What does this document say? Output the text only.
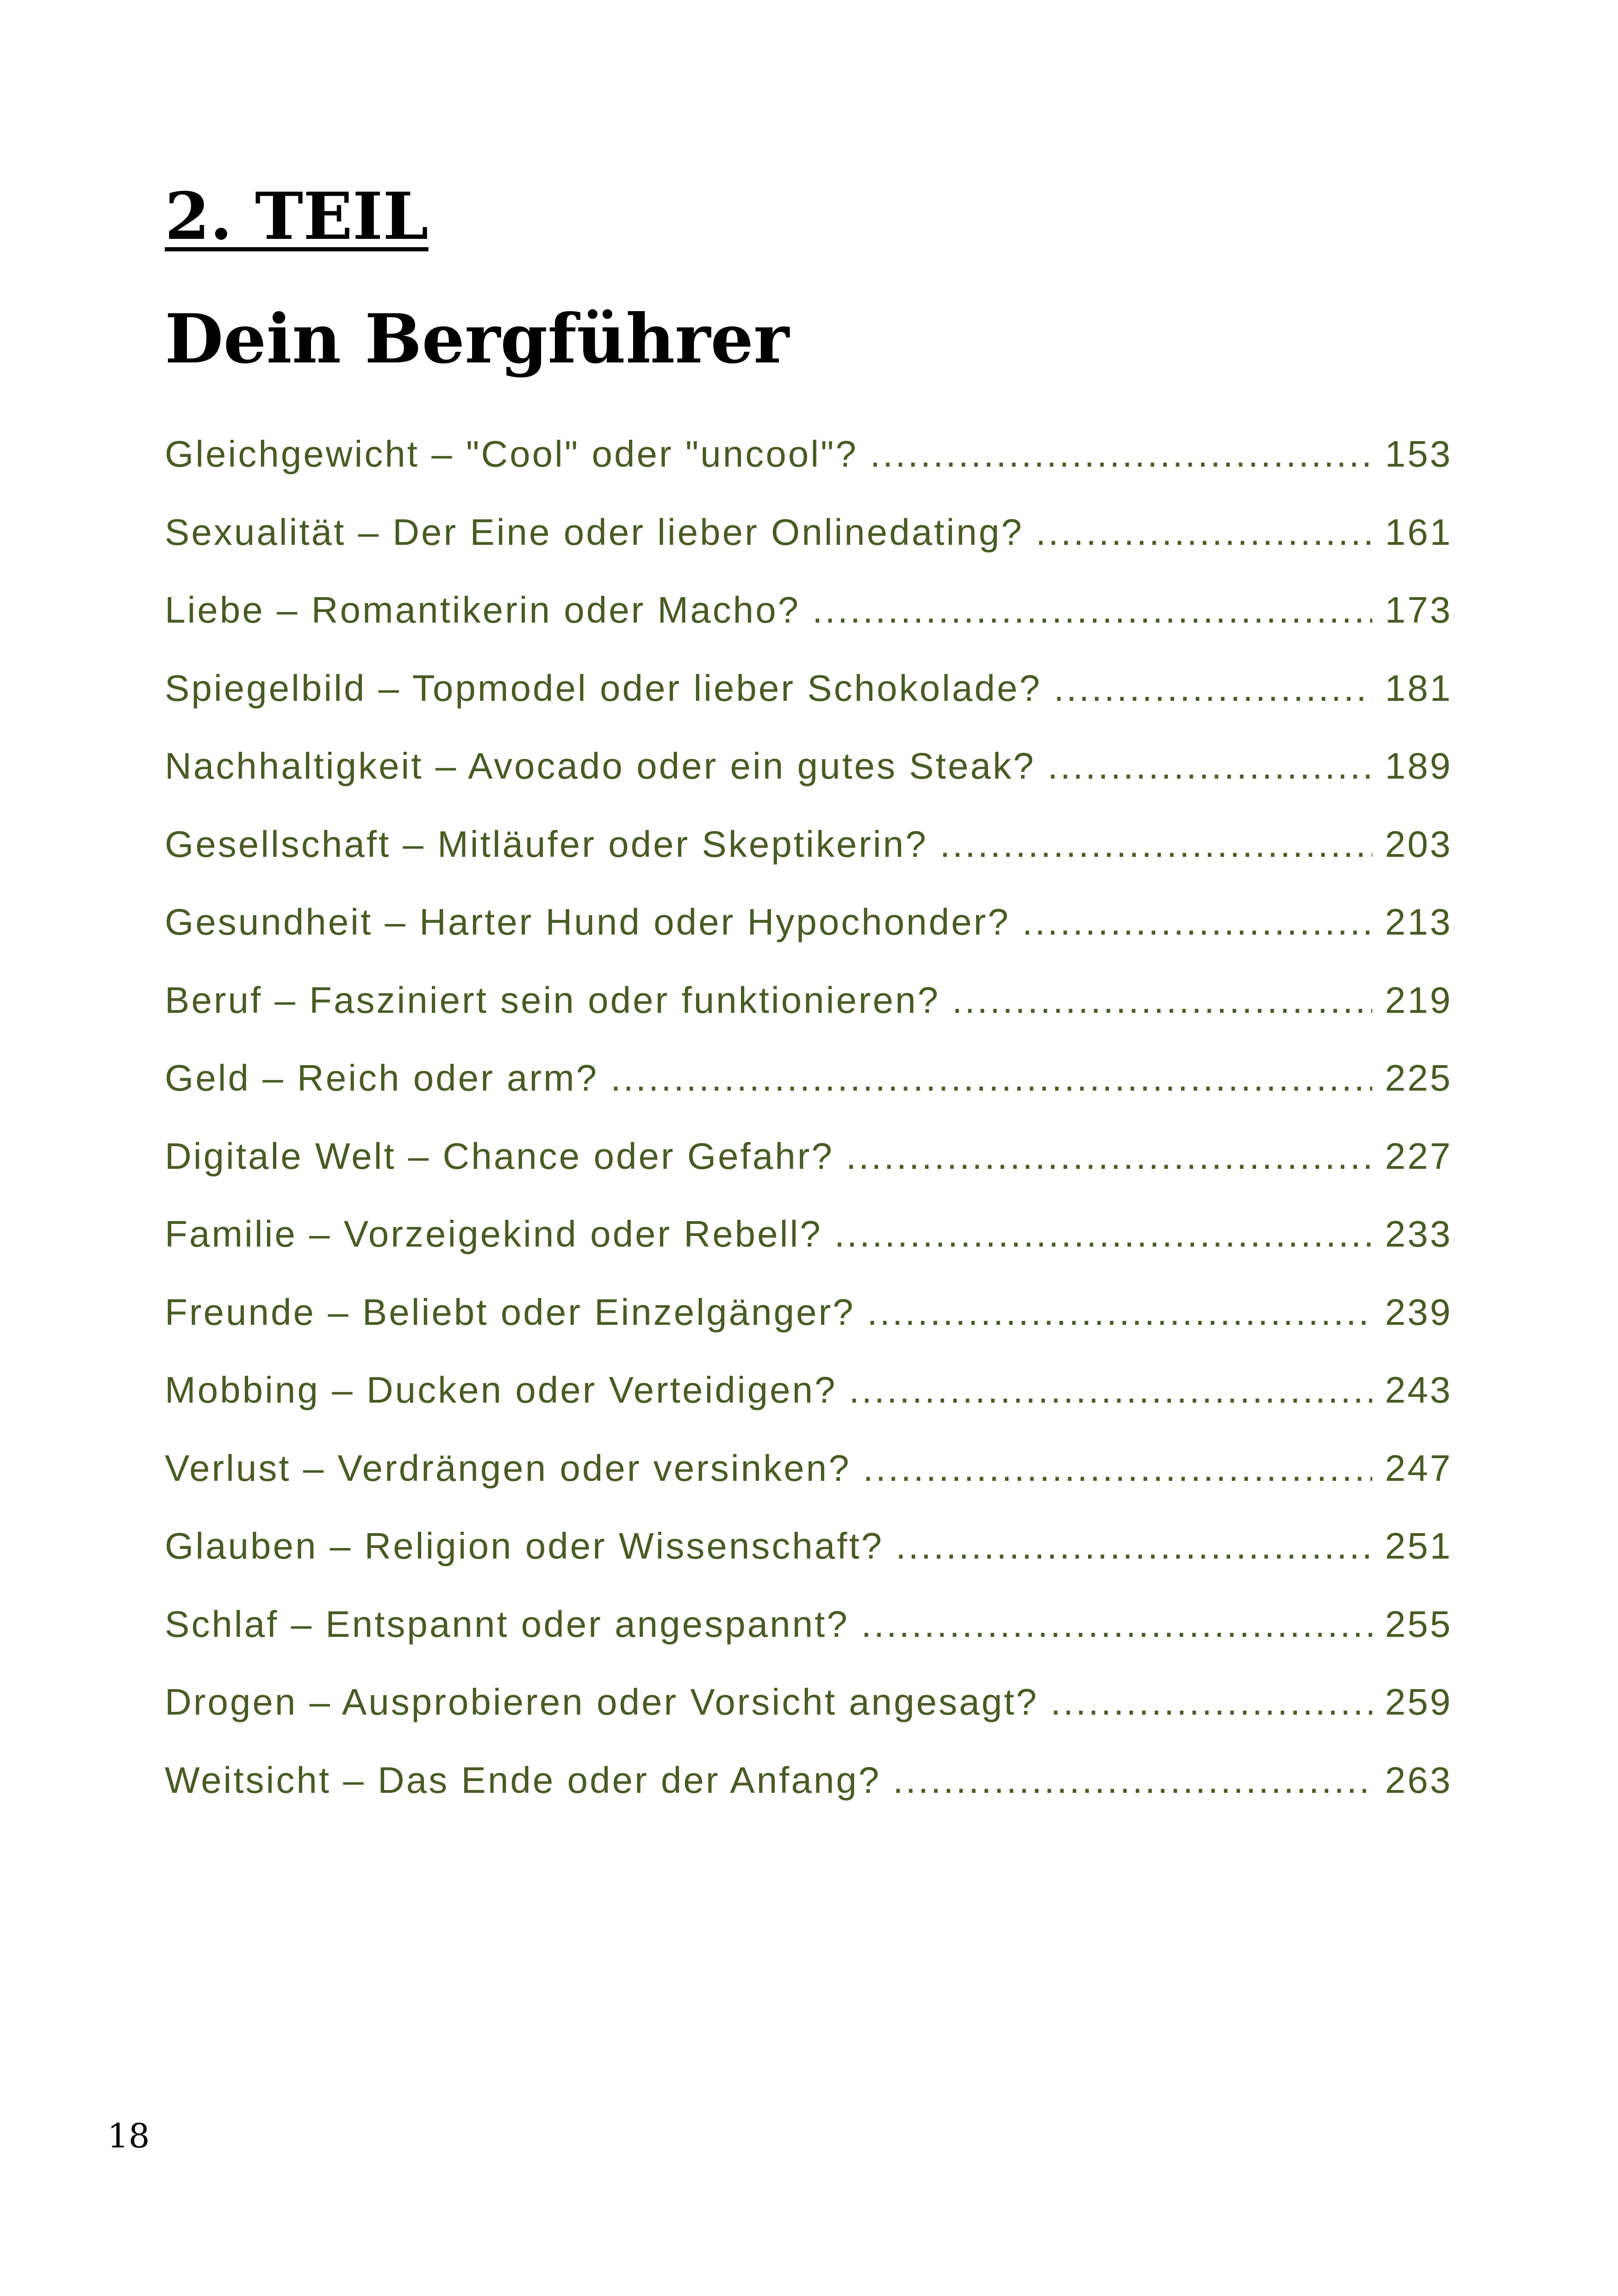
2. TEIL
Dein Bergführer
Gleichgewicht – "Cool" oder "uncool"? .....	153
Sexualität – Der Eine oder lieber Onlinedating? .....	161
Liebe – Romantikerin oder Macho? .....	173
Spiegelbild – Topmodel oder lieber Schokolade? .....	181
Nachhaltigkeit – Avocado oder ein gutes Steak? .....	189
Gesellschaft – Mitläufer oder Skeptikerin? .....	203
Gesundheit – Harter Hund oder Hypochonder? .....	213
Beruf – Fasziniert sein oder funktionieren? .....	219
Geld – Reich oder arm? .....	225
Digitale Welt – Chance oder Gefahr? .....	227
Familie – Vorzeigekind oder Rebell? .....	233
Freunde – Beliebt oder Einzelgänger? .....	239
Mobbing – Ducken oder Verteidigen? .....	243
Verlust – Verdrängen oder versinken? .....	247
Glauben – Religion oder Wissenschaft? .....	251
Schlaf – Entspannt oder angespannt? .....	255
Drogen – Ausprobieren oder Vorsicht angesagt? .....	259
Weitsicht – Das Ende oder der Anfang? .....	263
18
